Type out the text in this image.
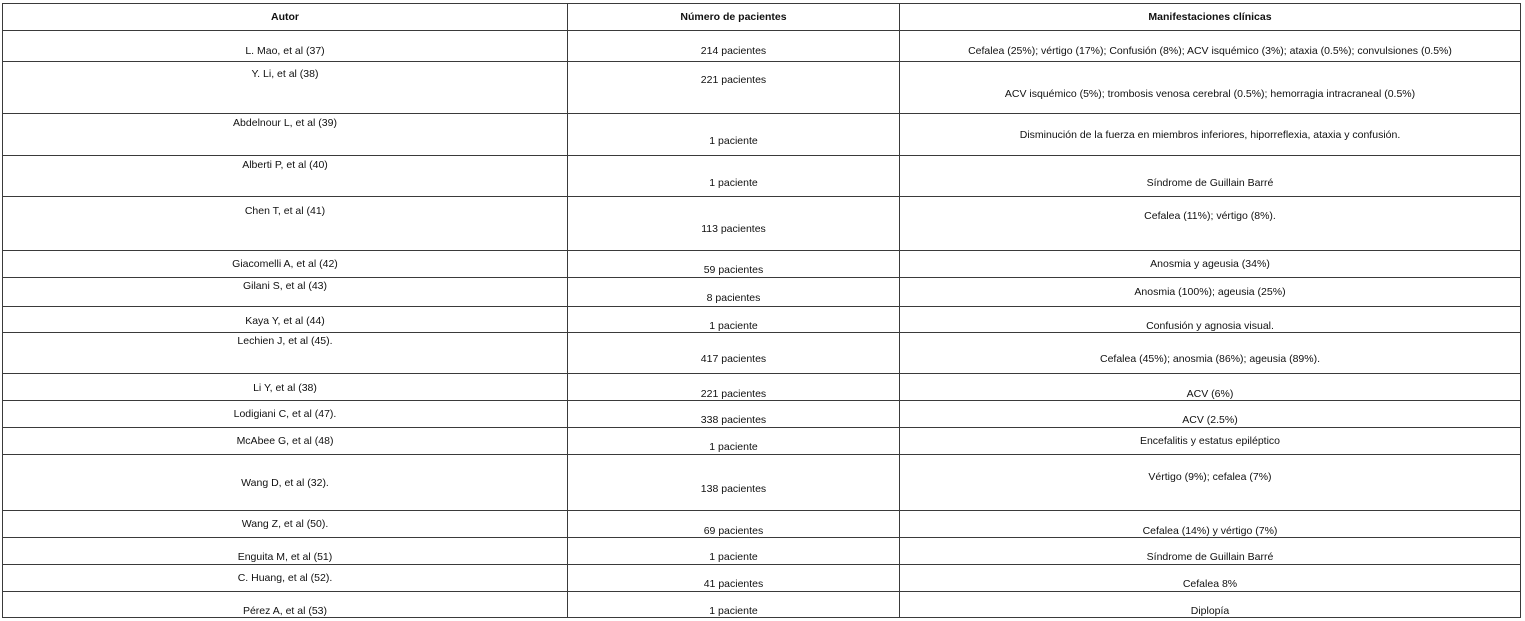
Autor	Número de pacientes	Manifestaciones clínicas

L. Mao, et al (37)	214 pacientes	Cefalea (25%); vértigo (17%); Confusión (8%); ACV isquémico (3%); ataxia (0.5%); convulsiones (0.5%)

Y. Li, et al (38)	221 pacientes	ACV isquémico (5%); trombosis venosa cerebral (0.5%); hemorragia intracraneal (0.5%)

Abdelnour L, et al (39)	1 paciente	Disminución de la fuerza en miembros inferiores, hiporreflexia, ataxia y confusión.

Alberti P, et al (40)	1 paciente	Síndrome de Guillain Barré

Chen T, et al (41)	113 pacientes	Cefalea (11%); vértigo (8%).

Giacomelli A, et al (42)	59 pacientes	Anosmia y ageusia (34%)

Gilani S, et al (43)	8 pacientes	Anosmia (100%); ageusia (25%)

Kaya Y, et al (44)	1 paciente	Confusión y agnosia visual.

Lechien J, et al (45).	417 pacientes	Cefalea (45%); anosmia (86%); ageusia (89%).

Li Y, et al (38)	221 pacientes	ACV (6%)

Lodigiani C, et al (47).	338 pacientes	ACV (2.5%)

McAbee G, et al (48)	1 paciente	Encefalitis y estatus epiléptico

Wang D, et al (32).	138 pacientes	Vértigo (9%); cefalea (7%)

Wang Z, et al (50).	69 pacientes	Cefalea (14%) y vértigo (7%)

Enguita M, et al (51)	1 paciente	Síndrome de Guillain Barré

C. Huang, et al (52).	41 pacientes	Cefalea 8%

Pérez A, et al (53)	1 paciente	Diplopía
